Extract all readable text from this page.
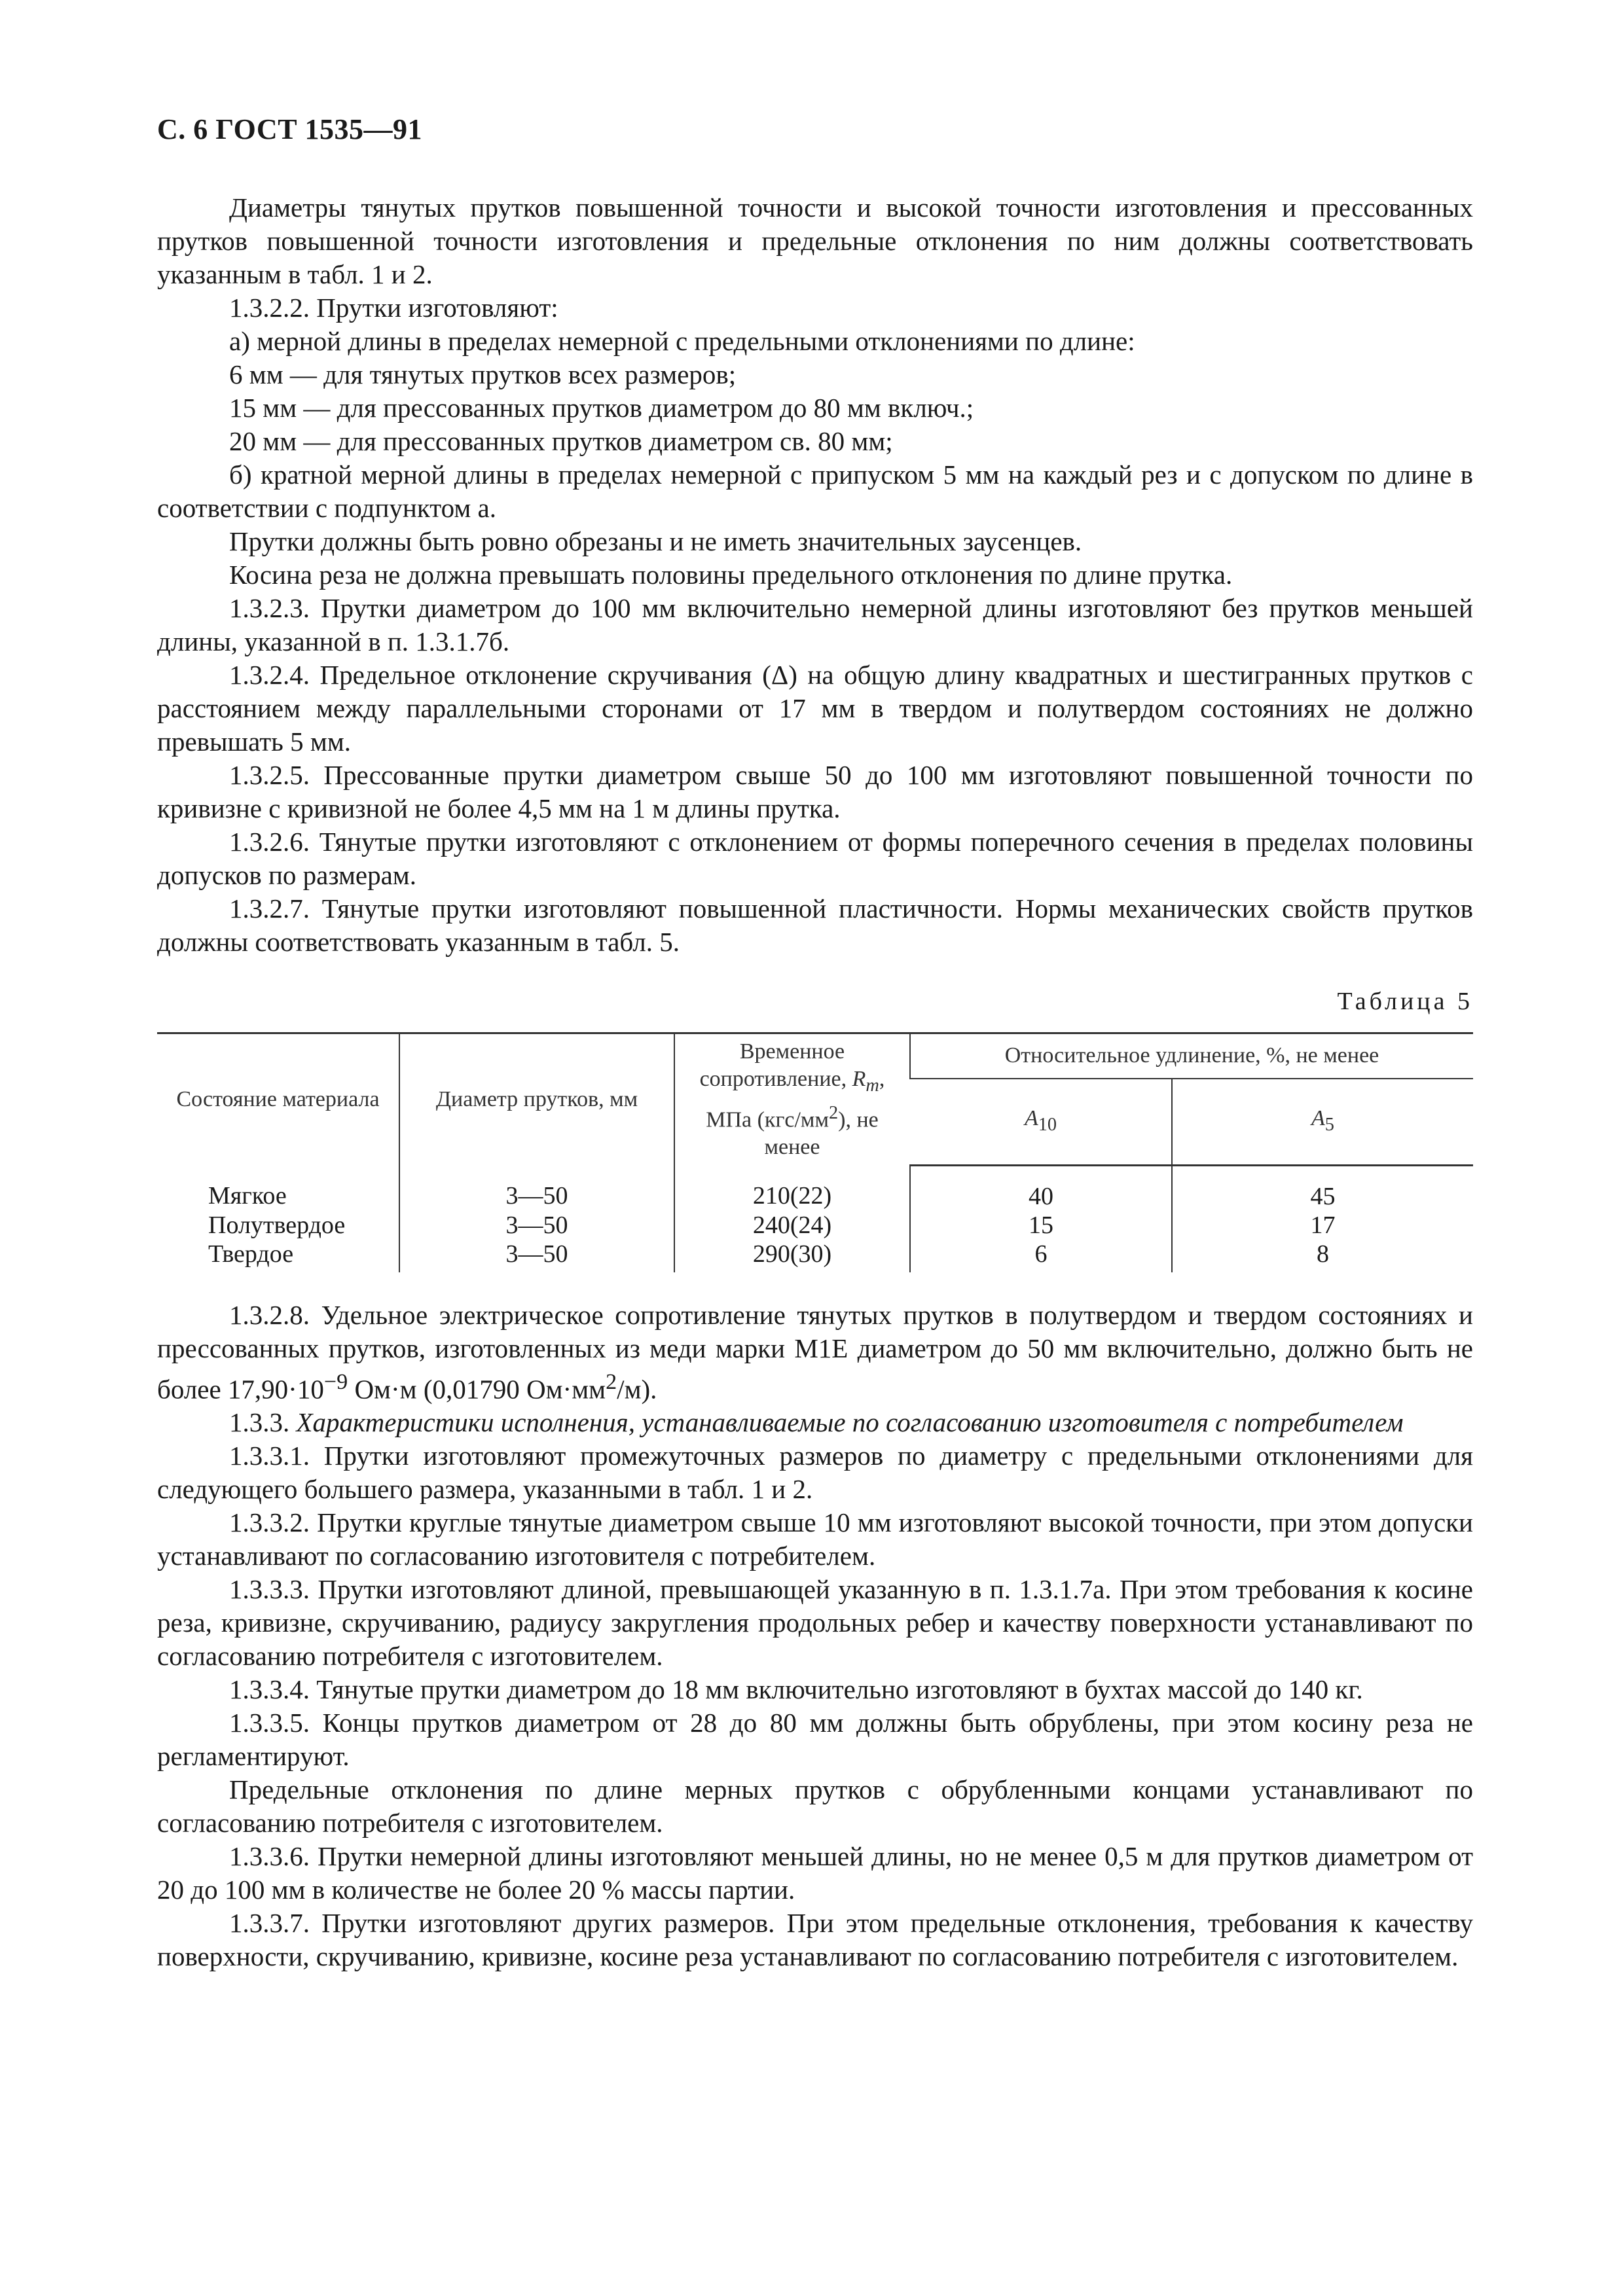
С. 6 ГОСТ 1535—91

Диаметры тянутых прутков повышенной точности и высокой точности изготовления и прессованных прутков повышенной точности изготовления и предельные отклонения по ним должны соответствовать указанным в табл. 1 и 2.

1.3.2.2. Прутки изготовляют:

а) мерной длины в пределах немерной с предельными отклонениями по длине:

6 мм — для тянутых прутков всех размеров;

15 мм — для прессованных прутков диаметром до 80 мм включ.;

20 мм — для прессованных прутков диаметром св. 80 мм;

б) кратной мерной длины в пределах немерной с припуском 5 мм на каждый рез и с допуском по длине в соответствии с подпунктом а.

Прутки должны быть ровно обрезаны и не иметь значительных заусенцев.

Косина реза не должна превышать половины предельного отклонения по длине прутка.

1.3.2.3. Прутки диаметром до 100 мм включительно немерной длины изготовляют без прутков меньшей длины, указанной в п. 1.3.1.7б.

1.3.2.4. Предельное отклонение скручивания (Δ) на общую длину квадратных и шестигранных прутков с расстоянием между параллельными сторонами от 17 мм в твердом и полутвердом состояниях не должно превышать 5 мм.

1.3.2.5. Прессованные прутки диаметром свыше 50 до 100 мм изготовляют повышенной точности по кривизне с кривизной не более 4,5 мм на 1 м длины прутка.

1.3.2.6. Тянутые прутки изготовляют с отклонением от формы поперечного сечения в пределах половины допусков по размерам.

1.3.2.7. Тянутые прутки изготовляют повышенной пластичности. Нормы механических свойств прутков должны соответствовать указанным в табл. 5.

Таблица 5
Состояние материала	Диаметр прутков, мм	Временное сопротивление, $R_m$, МПа $(кгс/мм^2)$, не менее	Относительное удлинение, %, не менее	
			$A_{10}$	$A_5$
Мягкое	3—50	210(22)	40	45
Полутвердое	3—50	240(24)	15	17
Твердое	3—50	290(30)	6	8

1.3.2.8. Удельное электрическое сопротивление тянутых прутков в полутвердом и твердом состояниях и прессованных прутков, изготовленных из меди марки М1Е диаметром до 50 мм включительно, должно быть не более $17,90\cdot 10^{-9}$ Ом·м (0,01790 $Ом\cdot мм^2/м$).

1.3.3. Характеристики исполнения, устанавливаемые по согласованию изготовителя с потребителем

1.3.3.1. Прутки изготовляют промежуточных размеров по диаметру с предельными отклонениями для следующего большего размера, указанными в табл. 1 и 2.

1.3.3.2. Прутки круглые тянутые диаметром свыше 10 мм изготовляют высокой точности, при этом допуски устанавливают по согласованию изготовителя с потребителем.

1.3.3.3. Прутки изготовляют длиной, превышающей указанную в п. 1.3.1.7а. При этом требования к косине реза, кривизне, скручиванию, радиусу закругления продольных ребер и качеству поверхности устанавливают по согласованию потребителя с изготовителем.

1.3.3.4. Тянутые прутки диаметром до 18 мм включительно изготовляют в бухтах массой до 140 кг.

1.3.3.5. Концы прутков диаметром от 28 до 80 мм должны быть обрублены, при этом косину реза не регламентируют.

Предельные отклонения по длине мерных прутков с обрубленными концами устанавливают по согласованию потребителя с изготовителем.

1.3.3.6. Прутки немерной длины изготовляют меньшей длины, но не менее 0,5 м для прутков диаметром от 20 до 100 мм в количестве не более 20 % массы партии.

1.3.3.7. Прутки изготовляют других размеров. При этом предельные отклонения, требования к качеству поверхности, скручиванию, кривизне, косине реза устанавливают по согласованию потребителя с изготовителем.
